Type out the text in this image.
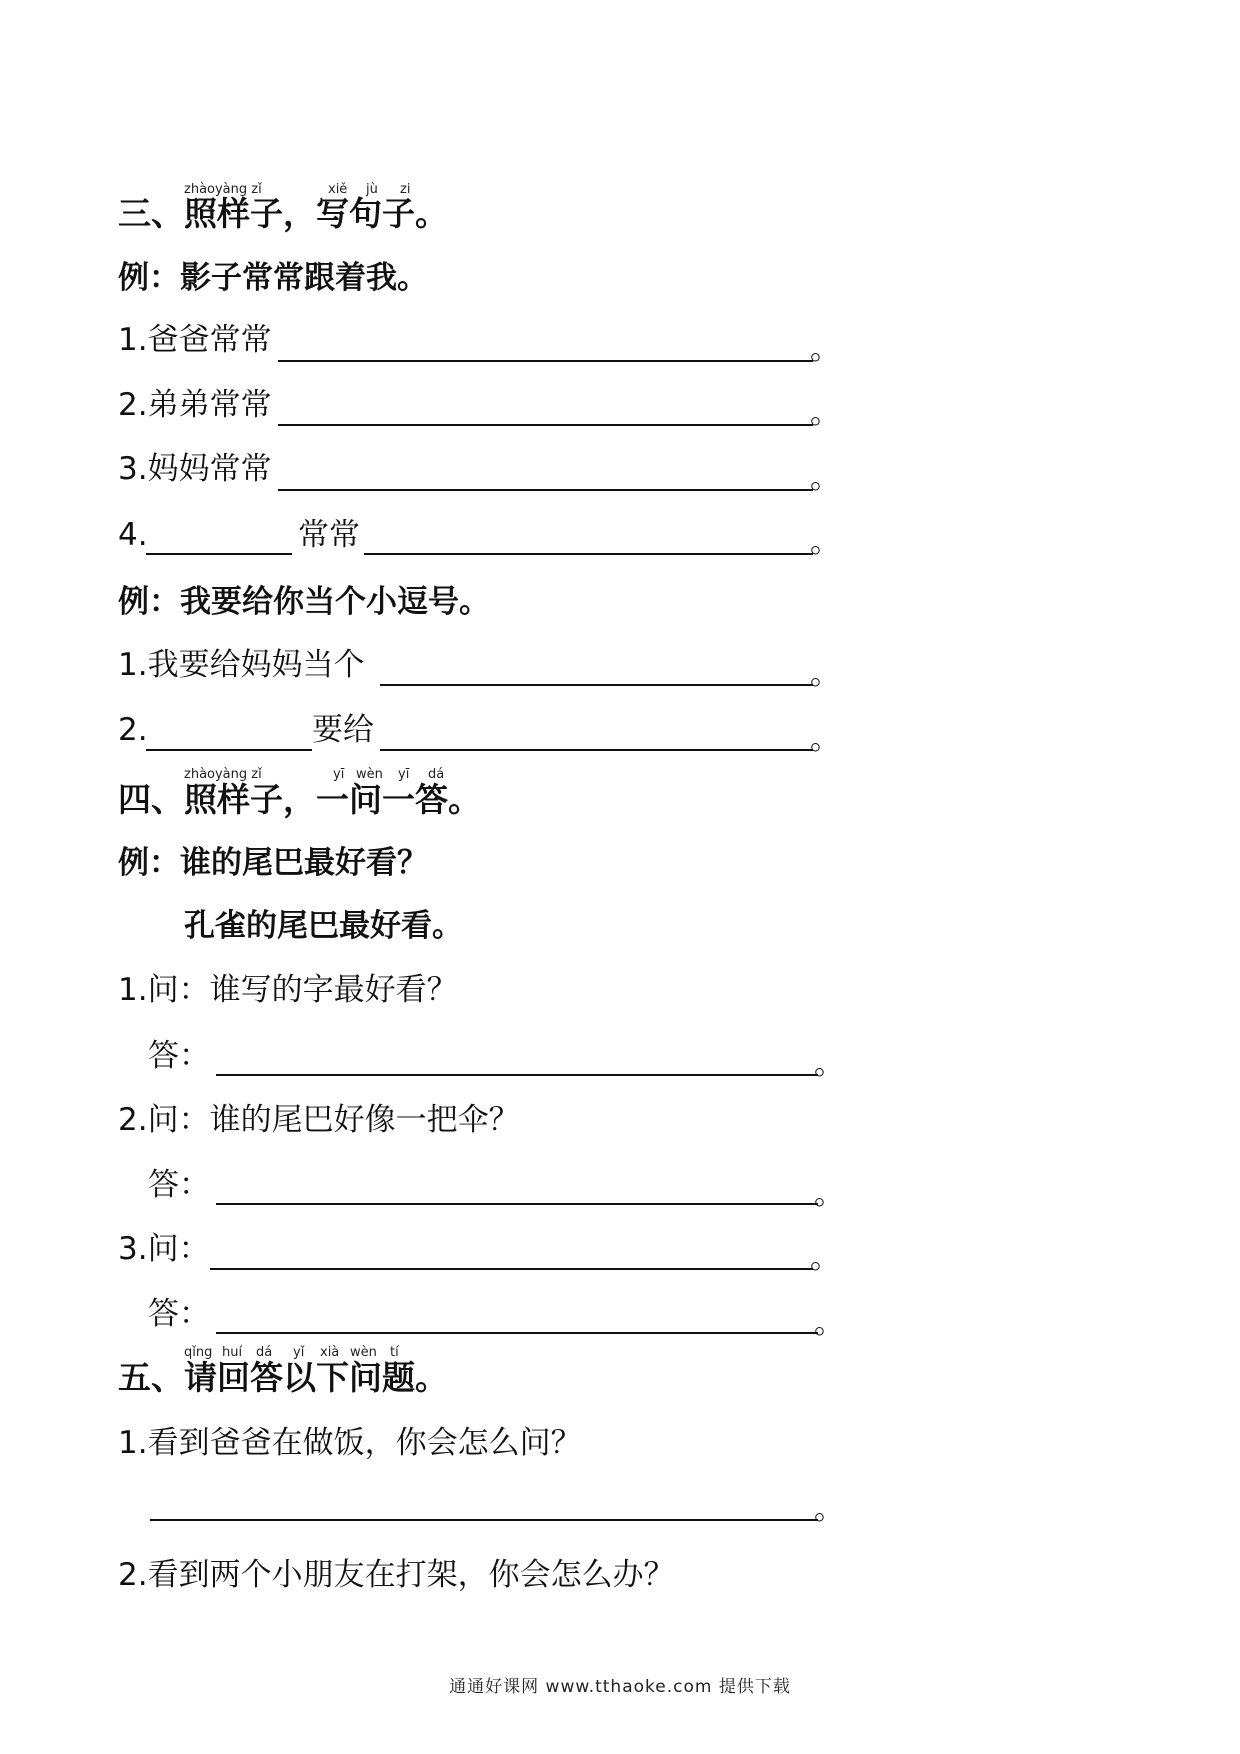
zhàoyàng zǐ	xiě jù zi
三、照样子，写句子。
例：影子常常跟着我。
1.爸爸常常	。
2.弟弟常常	。
3.妈妈常常	。
4.	常常	。
例：我要给你当个小逗号。
1.我要给妈妈当个	。
2.	要给	。
zhàoyàng zǐ	yī wèn yī dá
四、照样子，一问一答。
例：谁的尾巴最好看？
孔雀的尾巴最好看。
1.问：谁写的字最好看？
答：	。
2.问：谁的尾巴好像一把伞？
答：	。
3.问：	。
答：	。
qǐng huí dá yǐ xià wèn tí
五、请回答以下问题。
1.看到爸爸在做饭，你会怎么问？
。
2.看到两个小朋友在打架，你会怎么办？
通通好课网 www.tthaoke.com 提供下载
